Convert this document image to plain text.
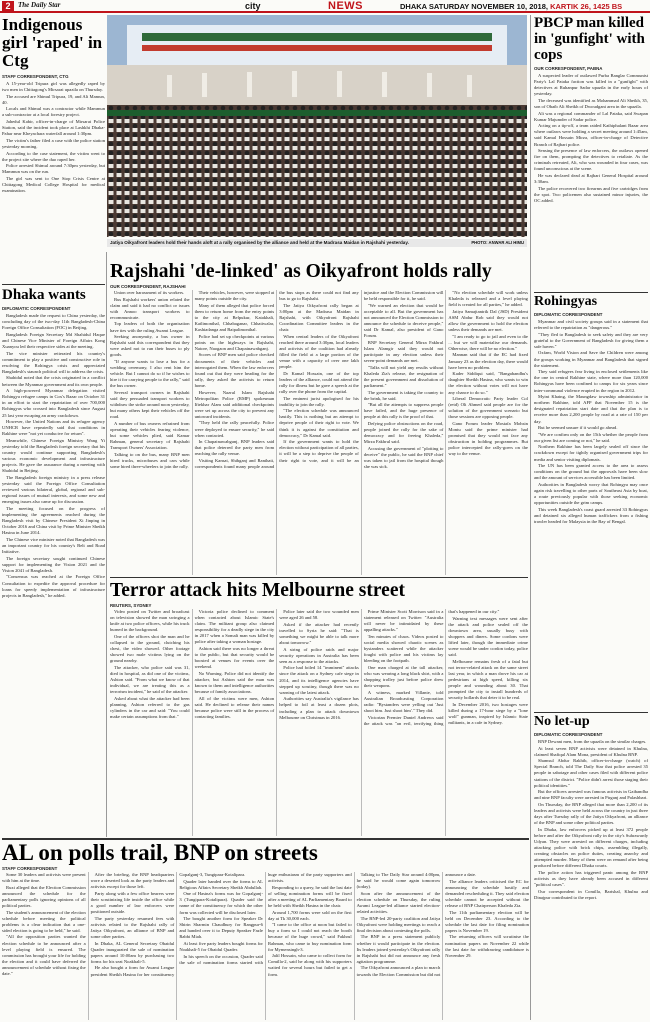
2	The Daily Star	city	NEWS	DHAKA SATURDAY NOVEMBER 10, 2018, KARTIK 26, 1425 BS
Indigenous girl 'raped' in Ctg
STAFF CORRESPONDENT, CTG

A 15-year-old Tripura girl was allegedly raped by two men in Chittagong's Mirsarai upazila on Thursday.

The accused are Shimul Tripura, 19, and Ali Mamun, 40.

Locals and Shimul was a contractor while Mammun a sub-contractor at a local forestry project.

Jahedul Kabir, officer-in-charge of Mirsarai Police Station, said the incident took place at Lashkhi Dhaka-Pahar near Kheyachara waterfall around 1:30pm.

The victim's father filed a case with the police station yesterday morning.

According to the case statement, the victim went to the project site where the duo raped her.

Police arrested Shimul around 7:30pm yesterday, but Mammun was on the run.

The girl was sent to One Stop Crisis Centre at Chittagong Medical College Hospital for medical examination.

Dhaka wants
DIPLOMATIC CORRESPONDENT

Bangladesh made the request to China yesterday, the concluding day of the two-day 11th Bangladesh-China Foreign Office Consultation (FOC) in Beijing.

Bangladesh Foreign Secretary Md Shahidul Haque and Chinese Vice Minister of Foreign Affairs Kong Xuanyou led their respective sides at the meeting.

The vice minister reiterated his country's commitment to play a positive and constructive role in resolving the Rohingya crisis and appreciated Bangladesh's staunch political will to address the crisis.

Shahidul noted that the crisis originated in a conflict between the Myanmar government and its own people.

A high-powered Myanmar delegation visited Rohingya refugee camps in Cox's Bazar on October 31 in an effort to start the repatriation of over 700,000 Rohingyas who crossed into Bangladesh since August 25 last year escaping an army crackdown.

However, the United Nations and its refugee agency UNHCR have repeatedly said that conditions in Rakhine were "not yet conducive for return".

Meanwhile, Chinese Foreign Ministry Wang Yi yesterday told the Bangladesh foreign secretary that his country would continue supporting Bangladesh's various economic development and infrastructure projects. He gave the assurance during a meeting with Shahidul in Beijing.

The Bangladesh foreign ministry in a press release yesterday said the Foreign Office Consultation reviewed various bilateral, global, regional and sub-regional issues of mutual interests, and some new and emerging issues also came up for discussion.

The meeting focused on the progress of implementing the agreements reached during the Bangladesh visit by Chinese President Xi Jinping in October 2016 and China visit by Prime Minister Sheikh Hasina in June 2014.

The Chinese vice minister noted that Bangladesh was an important country for his country's Belt and Road Initiative.

The foreign secretary sought continued Chinese support for implementing the Vision 2021 and the Vision 2041 of Bangladesh.

"Consensus was reached at the Foreign Office Consultation to expedite the approval procedure for loans for speedy implementation of infrastructure projects in Bangladesh," he added.

Jatiya Oikyafront leaders hold their hands aloft at a rally organised by the alliance and held at the Madrasa Maidan in Rajshahi yesterday.	PHOTO: ANWAR ALI HIMU
Rajshahi 'de-linked' as Oikyafront holds rally
OUR CORRESPONDENT, RAJSHAHI

Union over harassment of its workers.

Bus Rajshahi workers' union related the claim and said it had no conflict or issues with Annoo transport workers to recommunicate.

Top leaders of both the organisation have ties with the ruling Awami League.

Seeking anonymity, a bus owner in Rajshahi said this correspondent that they were asked not to run their buses to ply goods.

"If anyone wants to lose a bus for a wedding ceremony, I also rent him the vehicle. But I cannot do so if he wishes to hire it for carrying people to the rally," said the bus owner.

Several transport owners in Rajshahi said they persuaded transport workers to withdraw the strike around noon yesterday, but many others kept their vehicles off the road.

A number of bus owners refrained from operating their vehicles fearing violence, but some vehicles plied, said Kamar Rahman, general secretary of Rajshahi Transport Owners' Association.

Talking to on the bus, many BNP men hired trucks, microbuses and cars while some hired three-wheelers to join the rally.

Their vehicles, however, were stopped at many points outside the city.

Many of them alleged that police forced them to return home from the entry points to the city at Belpukur, Katakhali, Katlimonthal, Chhabaganar, Chhatiwalar, Kashiadanga and Baipalimonthal.

Police had set up checkpoints at various points on the highways in Rajshahi, Natore, Naogaon and Chapainawabganj.

Scores of BNP men said police checked documents of their vehicles and interrogated them. When the law enforcers found out that they were heading for the rally, they asked the activists to return home.

However, Nazrul Islam Rajshahi Metropolitan Police (RMP) spokesman Iftekhar Alam said additional checkpoints were set up across the city to prevent any untoward incidents.

"They held the rally peacefully. Police were deployed to ensure security," he said when contacted.

In Chapainawabganj, BNP leaders said that police deterred the party men from reaching the rally venue.

Visiting Kansat, Shibganj and Ranihati, correspondents found many people around the bus stops as there could not find any bus to go to Rajshahi.

The Jatiya Oikyafront rally began at 3:00pm at the Madrasa Maidan in Rajshahi, with Oikyafront Rajshahi Coordination Committee leaders in the chair.

When central leaders of the Oikyafront reached there around 3:30pm, local leaders and activists of the coalition had already filled the field at a large portion of the venue with a capacity of over one lakh people.

Dr Kamal Hossain, one of the top leaders of the alliance, could not attend the rally for illness but he gave a speech at the rally over the phone from the capital.

The eminent jurist apologised for his inability to join the rally.

"The election schedule was announced hastily. This is nothing but an attempt to deprive people of their right to vote. We think it is against the constitution and democracy," Dr Kamal said.

If the government wants to hold the election without participation of all parties, it will be a step to deprive the people of their right to vote, and it will be an injustice and the Election Commission will be held responsible for it, he said.

"We warned an election that would be acceptable to all. But the government has not announced the Election Commission to announce the schedule to deceive people," said Dr Kamal, also president of Gano Forum.

BNP Secretary General Mirza Fakhrul Islam Alamgir said they would not participate in any election unless their seven-point demands are met.

"Talks will not yield any results without Khaleda Zia's release, the resignation of the present government and dissolution of parliament."

The government is taking the country to the brink, he said.

"But all the attempts to suppress people have failed, and the huge presence of people at this rally is the proof of that.

Defying police obstructions on the road, people joined the rally for the sake of democracy and for freeing Khaleda," Mirza Fakhrul said.

Accusing the government of "plotting to deceive" the public, he said the BNP chief was taken to jail from the hospital though she was sick.

"No election schedule will work unless Khaleda is released and a level playing field is created for all parties," he added.

Jatiya Samajtantrik Dal (JSD) President ASM Abdur Rob said they would not allow the government to hold the election unless their demands are met.

"I am ready to go to jail and even to die ... but we will materialise our demands. Otherwise, there will be no election."

Mannan said that if the EC had fixed January 23 as the election day, there would have been no problem.

Kader Siddiqui said, "Bangabandhu's daughter Sheikh Hasina, who wants to win the election without votes will not have any chance to do so."

Liberal Democratic Party leader Col (retd) Oli Ahmed said people are for the solution of the government scenario but those sessions are opposing people.

Gano Forum leader Mostafa Mohsin Montu said the prime minister had promised that they would not face any obstruction in holding programmes. But police intercepted the rally-goers on the way to the venue.

Terror attack hits Melbourne street
REUTERS, SYDNEY

Video posted on Twitter and broadcast on television showed the man swinging a knife at two police officers, while his truck burned in the background.

One of the officers shot the man and he collapsed to the ground, clutching his chest, the video showed. Other footage showed two male victims lying on the ground nearby.

The attacker, who police said was 31, died in hospital, as did one of the victims, Ashton said. "From what we know of that individual, we are treating this as a terrorism incident," he said of the attacker.

Asked about what the attacker had been planning, Ashton referred to the gas cylinders in the car and said: "You could make certain assumptions from that."

Victoria police declined to comment when contacted about Islamic State's claim. The militant group also claimed responsibility for a deadly siege in the city in 2017 when a Somali man was killed by police after taking a woman hostage.

Ashton said there was no longer a threat to the public, but that security would be boosted at venues for events over the weekend.

No Warning. Police did not identify the attacker, but Ashton said the man was known to them and intelligence authorities because of family associations.

All of the victims were men, Ashton said. He declined to release their names because police were still in the process of contacting families.

Police later said the two wounded men were aged 26 and 58.

Asked if the attacker had recently travelled to Syria he said: "That is something we might be able to talk more about tomorrow."

A string of police raids and major security operations in Australia has been seen as a response to the attacks.

Police had foiled 14 "imminent" attacks since the attack on a Sydney cafe siege in 2014, and its intelligence agencies have stepped up scrutiny, though there was no warning of the latest attack.

Authorities say Australia's vigilance has helped to foil at least a dozen plots, including a plan to attack downtown Melbourne on Christmas in 2016.

Prime Minister Scott Morrison said in a statement released on Twitter: "Australia will never be intimidated by these appalling attacks."

Ten minutes of chaos. Videos posted to social media showed chaotic scenes as bystanders scattered while the attacker fought with police and his victims lay bleeding on the footpath.

One man charged at the tall attacker, who was wearing a long black shirt, with a shopping trolley just before police drew their weapons.

A witness, marked Villante, told Australian Broadcasting Corporation radio: "Bystanders were yelling out 'Just shoot him. Just shoot him'." They did.

Victorian Premier Daniel Andrews said the attack was "an evil, terrifying thing that's happened in our city."

Warning text messages were sent after the attack and police sealed off the downtown area, usually busy with shoppers and diners. Some cordons were lifted later, though the immediate crime scene would be under cordon today, police said.

Melbourne remains fresh of a fatal but not terror-related attack on the same street last year, in which a man drove his car at pedestrians at high speed, killing six people and wounding about 30. That prompted the city to install hundreds of security bollards that deter it to be real.

In December 2016, two hostages were killed during a 17-hour siege by a "lone wolf" gunman, inspired by Islamic State militants, in a cafe in Sydney.

AL on polls trail, BNP on streets
STAFF CORRESPONDENT

Some 30 leaders and activists were present with him at the time.

Ruxi alleged that the Election Commission announced the schedule for the parliamentary polls ignoring opinions of all political parties.

The student's announcement of the election schedule before meeting the political problems is a clear indication that a one-sided election is going to be held," he said.

"All the opposition parties wanted the election schedule to be announced after a level playing field is ensured. The commission has brought your life for holding the election and it could have deferred the announcement of schedule without fixing the date."

After the briefing, the BNP headquarters wore a deserted look as the party leaders and activists except for those left.

Party along with a few office bearers were their scrutinizing life inside the office while a good number of law enforcers were positioned outside.

The party yesterday resumed fees with activists related to the Rajshahi rally of Jatiya Oikyafront, an alliance of BNP and some other parties.

In Dhaka, AL General Secretary Obaidul Quader inaugurated the sale of nomination papers around 10:00am by purchasing two forms for his seat Noakhali-5.

He also bought a form for Awami League president Sheikh Hasina for her constituency Gopalganj-3, Tungipara-Kotalipara.

Quader later handed over the forms to AL Religious Affairs Secretary Sheikh Abdullah.

One of Hasina's forms was for Gopalganj-3 (Tungipara-Kotalipara). Quader said the name of the constituency for which the other form was collected will be disclosed later.

The bought another form for Speaker Dr Shirin Sharmin Chaudhury for Rangpur-6 and handed over it to Deputy Speaker Fazle Rabbi Miah.

At least five party leaders bought forms for Noakhali-5 for Obaidul Quader.

In his speech on the occasion, Quader said the sale of nomination forms started with huge enthusiasm of the party supporters and activists.

Responding to a query, he said the last date of selling nomination forms will be fixed after a meeting of AL Parliamentary Board to be held with Sheikh Hasina in the chair.

Around 1,700 forms were sold on the first day at Tk 30,000 each.

"I came to the office at noon but failed to buy a form so I could not reach the booth because of the huge crowd," said Fakhrul Rahman, who came to buy nomination form for Mymensingh-3.

Jalil Hossain, who came to collect form for Comilla-2, said he along with his supporters waited for several hours but failed to get a form.

Talking to The Daily Star around 4:00pm, he said he would come again tomorrow (today).

Soon after the announcement of the election schedule on Thursday, the ruling Awami League-led alliance started election-related activities.

The BNP-led 20-party coalition and Jatiya Oikyafront were holding meetings to reach a final decision about contesting the polls.

The BNP in a press statement publicly whether it would participate in the election. Its leaders joined yesterday's Oikyafront rally in Rajshahi but did not announce any fresh agitation programme.

The Oikyafront announced a plan to march towards the Election Commission but did not announce a date.

The alliance leaders criticised the EC for announcing the schedule hastily and demanded rescheduling it. They said election schedule cannot be accepted without the release of BNP Chairperson Khaleda Zia.

The 11th parliamentary election will be held on December 23. According to the schedule the last date for filing nomination papers is November 19.

The returning officers will scrutinise the nomination papers on November 22 while the last date for withdrawing candidature is November 29.

PBCP man killed in 'gunfight' with cops
OUR CORRESPONDENT, PABNA

A suspected leader of outlawed Purba Banglar Communist Party's Lal Pataka faction was killed in a "gunfight" with detectives at Ruhanpur Sadar upazila in the early hours of yesterday.

The deceased was identified as Mohammad Ali Sheikh, 35, son of Obaib Ali Sheikh of Dwoudgani area in the upazila.

Ali was a regional commander of Lal Pataka, said Swapan Kumar Majumder of Sadar police.

Acting on a tip-off, a team raided Kathiphalant Bazar area where outlaws were holding a secret meeting around 1:45am, said Kamal Hossain Mirza, officer-in-charge of Detective Branch of Rajbari police.

Sensing the presence of law enforcers, the outlaws opened fire on them, prompting the detectives to retaliate. As the criminals retreated, Ali, who was wounded in four cases, was found unconscious at the scene.

He was declared dead at Rajbari General Hospital around 3:30am.

The police recovered two firearms and five cartridges from the spot. Two policemen also sustained minor injuries, the OC added.

Rohingyas
DIPLOMATIC CORRESPONDENT

Myanmar and civil society groups said in a statement that referred to the repatriation as "dangerous."

"They fled to Bangladesh to seek safety and they are very grateful to the Government of Bangladesh for giving them a safe haven."

Oxfam, World Vision and Save the Children were among the groups working in Myanmar and Bangladesh that signed the statement.

They said refugees fear living in enclosed settlements like the one in central Rakhine state, where more than 120,000 Rohingyas have been confined to camps for six years since inter-communal violence erupted in the region in 2012.

Myint Khaing, the Maungdaw township administrator in northern Rakhine, told AFP that November 15 is the designated repatriation start date and that the plan is to receive more than 2,200 people by road at a rate of 150 per day.

But he seemed unsure if it would go ahead.

"We are confirm only on the 15th whether the people from our given list are coming or not," he said.

Northern Rakhine has been largely sealed off since the crackdown except for tightly organised government trips for media and senior visiting diplomats.

The UN has been granted access to the area to assess conditions on the ground but the approvals have been slow and the amount of services accessible has been limited.

Authorities in Bangladesh worry that Rohingya may once again risk travelling to other parts of Southeast Asia by boat, a route previously popular with those seeking economic opportunities outside the grim camps.

This week Bangladesh's coast guard arrested 33 Rohingyas and detained six alleged human traffickers from a fishing trawler headed for Malaysia in the Bay of Bengal.

No let-up
DIPLOMATIC CORRESPONDENT

BNP Dewani men, from the upazila on the similar charges.

At least seven BNP activists were detained in Khulna, claimed Shafiqul Alam Mona, president of Khulna BNP.

Shamsul Abdur Rakhib, officer-in-charge (watch) of Special Branch, told The Daily Star that police arrested 35 people in sabotage and other cases filed with different police stations of the district. "Police didn't arrest those staging their political identities."

But the officers arrested was famous activists in Gaibandha and nine BNP faculty were arrested in Pirganj and Palashbari.

On Thursday, the BNP alleged that more than 2,200 of its leaders and activists were held across the country in just three days after Tuesday rally of the Jatiya Oikyafront, an alliance of the BNP and some other political parties.

In Dhaka, law enforcers picked up at least 372 people before and after the Oikyafront rally in the city's Suhrawardy Udyan. They were arrested on different charges, including attacking police with brick chips, assembling illegally, creating obstacles on police duties, creating anarchy and attempted murder. Many of them were on remand after being produced before different Dhaka courts.

The police action has triggered panic among the BNP activists as they have already been accused in different "political cases".

Our correspondent in Comilla, Barishal, Khulna and Dinajpur contributed to the report.
